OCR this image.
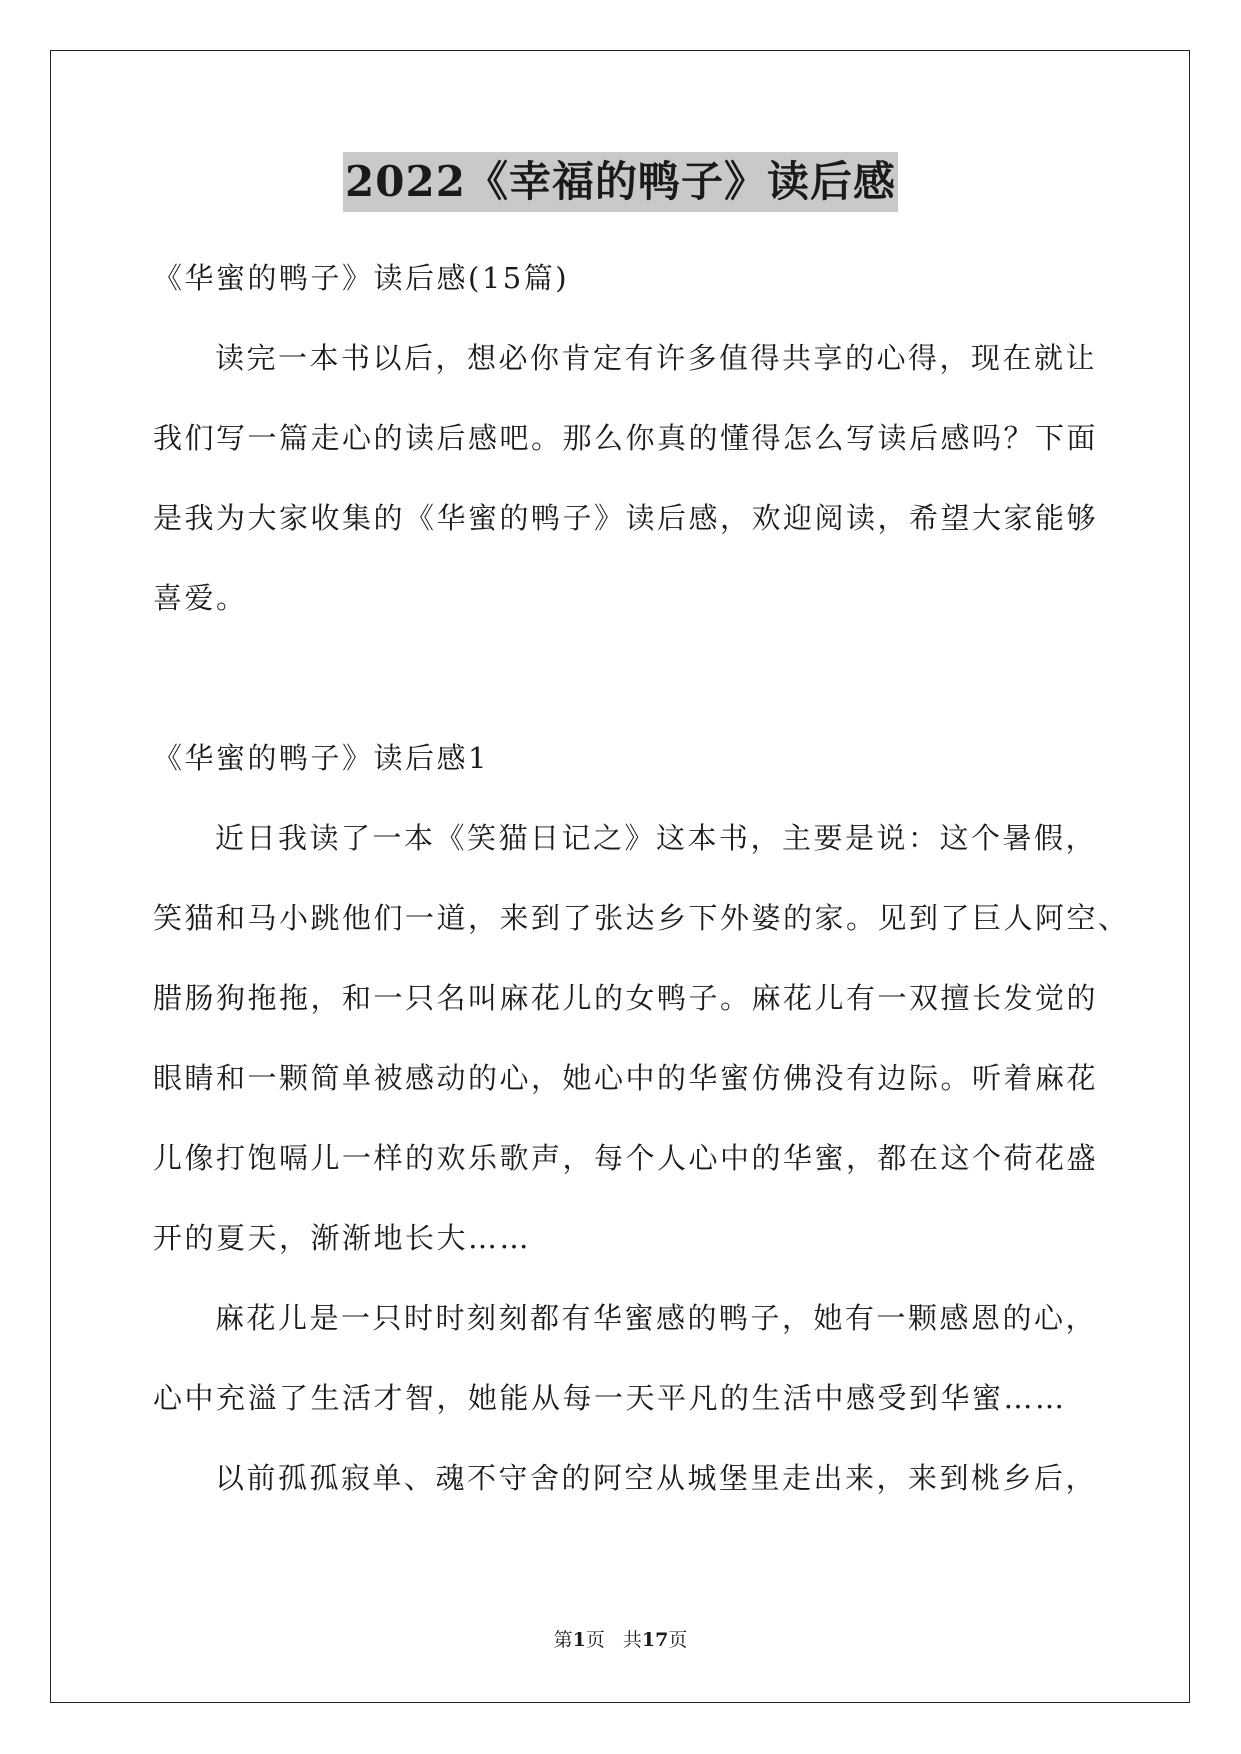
2022《幸福的鸭子》读后感

《华蜜的鸭子》读后感(15篇)

读完一本书以后，想必你肯定有许多值得共享的心得，现在就让

我们写一篇走心的读后感吧。那么你真的懂得怎么写读后感吗？下面

是我为大家收集的《华蜜的鸭子》读后感，欢迎阅读，希望大家能够

喜爱。

《华蜜的鸭子》读后感1

近日我读了一本《笑猫日记之》这本书，主要是说：这个暑假，

笑猫和马小跳他们一道，来到了张达乡下外婆的家。见到了巨人阿空、

腊肠狗拖拖，和一只名叫麻花儿的女鸭子。麻花儿有一双擅长发觉的

眼睛和一颗简单被感动的心，她心中的华蜜仿佛没有边际。听着麻花

儿像打饱嗝儿一样的欢乐歌声，每个人心中的华蜜，都在这个荷花盛

开的夏天，渐渐地长大……

麻花儿是一只时时刻刻都有华蜜感的鸭子，她有一颗感恩的心，

心中充溢了生活才智，她能从每一天平凡的生活中感受到华蜜……

以前孤孤寂单、魂不守舍的阿空从城堡里走出来，来到桃乡后，

第1页 共17页
